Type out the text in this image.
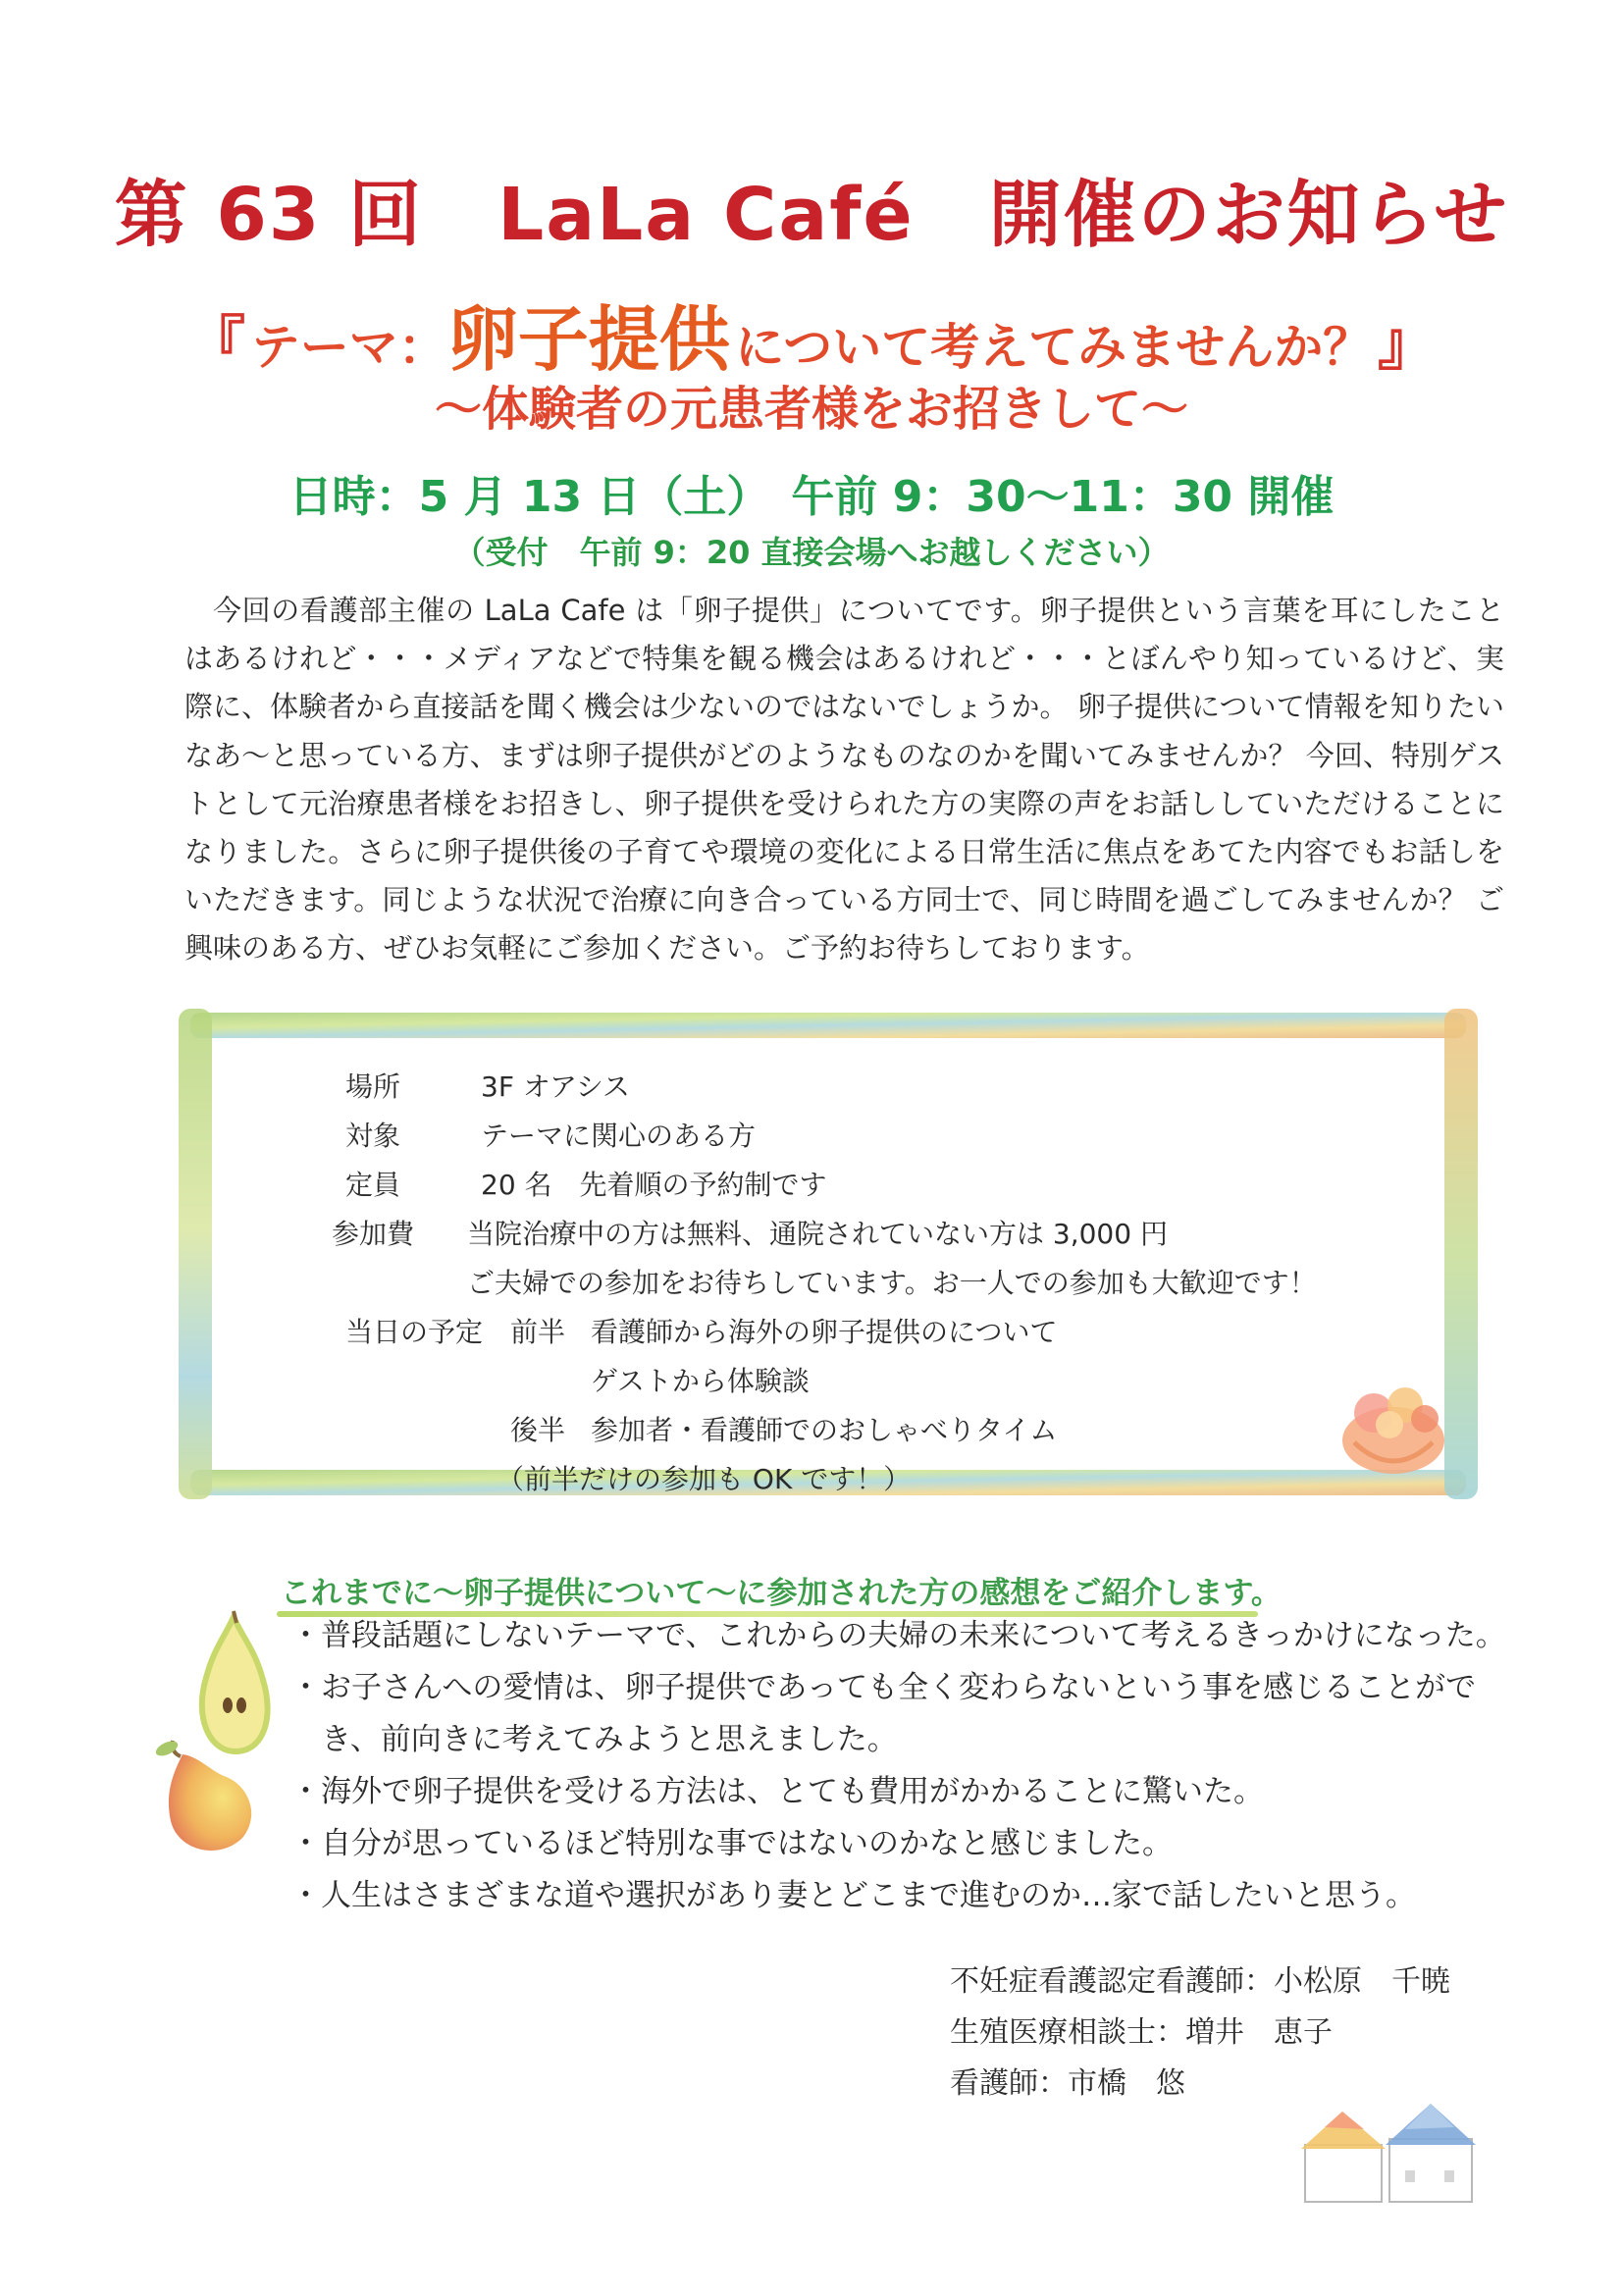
第 63 回　LaLa Café　開催のお知らせ
『 テーマ：卵子提供 について考えてみませんか？ 』
～体験者の元患者様をお招きして～
日時：5 月 13 日（土）　午前 9：30～11：30 開催
（受付　午前 9：20 直接会場へお越しください）

今回の看護部主催の LaLa Cafe は「卵子提供」についてです。卵子提供という言葉を耳にしたことはあるけれど・・・メディアなどで特集を観る機会はあるけれど・・・とぼんやり知っているけど、実際に、体験者から直接話を聞く機会は少ないのではないでしょうか。 卵子提供について情報を知りたいなあ～と思っている方、まずは卵子提供がどのようなものなのかを聞いてみませんか？ 今回、特別ゲストとして元治療患者様をお招きし、卵子提供を受けられた方の実際の声をお話ししていただけることになりました。さらに卵子提供後の子育てや環境の変化による日常生活に焦点をあてた内容でもお話しをいただきます。同じような状況で治療に向き合っている方同士で、同じ時間を過ごしてみませんか？ ご興味のある方、ぜひお気軽にご参加ください。ご予約お待ちしております。

場所	3F オアシス
対象	テーマに関心のある方
定員	20 名　先着順の予約制です
参加費 当院治療中の方は無料、通院されていない方は 3,000 円
ご夫婦での参加をお待ちしています。お一人での参加も大歓迎です！
当日の予定 前半 看護師から海外の卵子提供のについて
ゲストから体験談
後半 参加者・看護師でのおしゃべりタイム
（前半だけの参加も OK です！）
これまでに～卵子提供について～に参加された方の感想をご紹介します。
・普段話題にしないテーマで、これからの夫婦の未来について考えるきっかけになった。
・お子さんへの愛情は、卵子提供であっても全く変わらないという事を感じることがで
　き、前向きに考えてみようと思えました。
・海外で卵子提供を受ける方法は、とても費用がかかることに驚いた。
・自分が思っているほど特別な事ではないのかなと感じました。
・人生はさまざまな道や選択があり妻とどこまで進むのか…家で話したいと思う。
不妊症看護認定看護師：小松原　千暁
生殖医療相談士：増井　恵子
看護師：市橋　悠
